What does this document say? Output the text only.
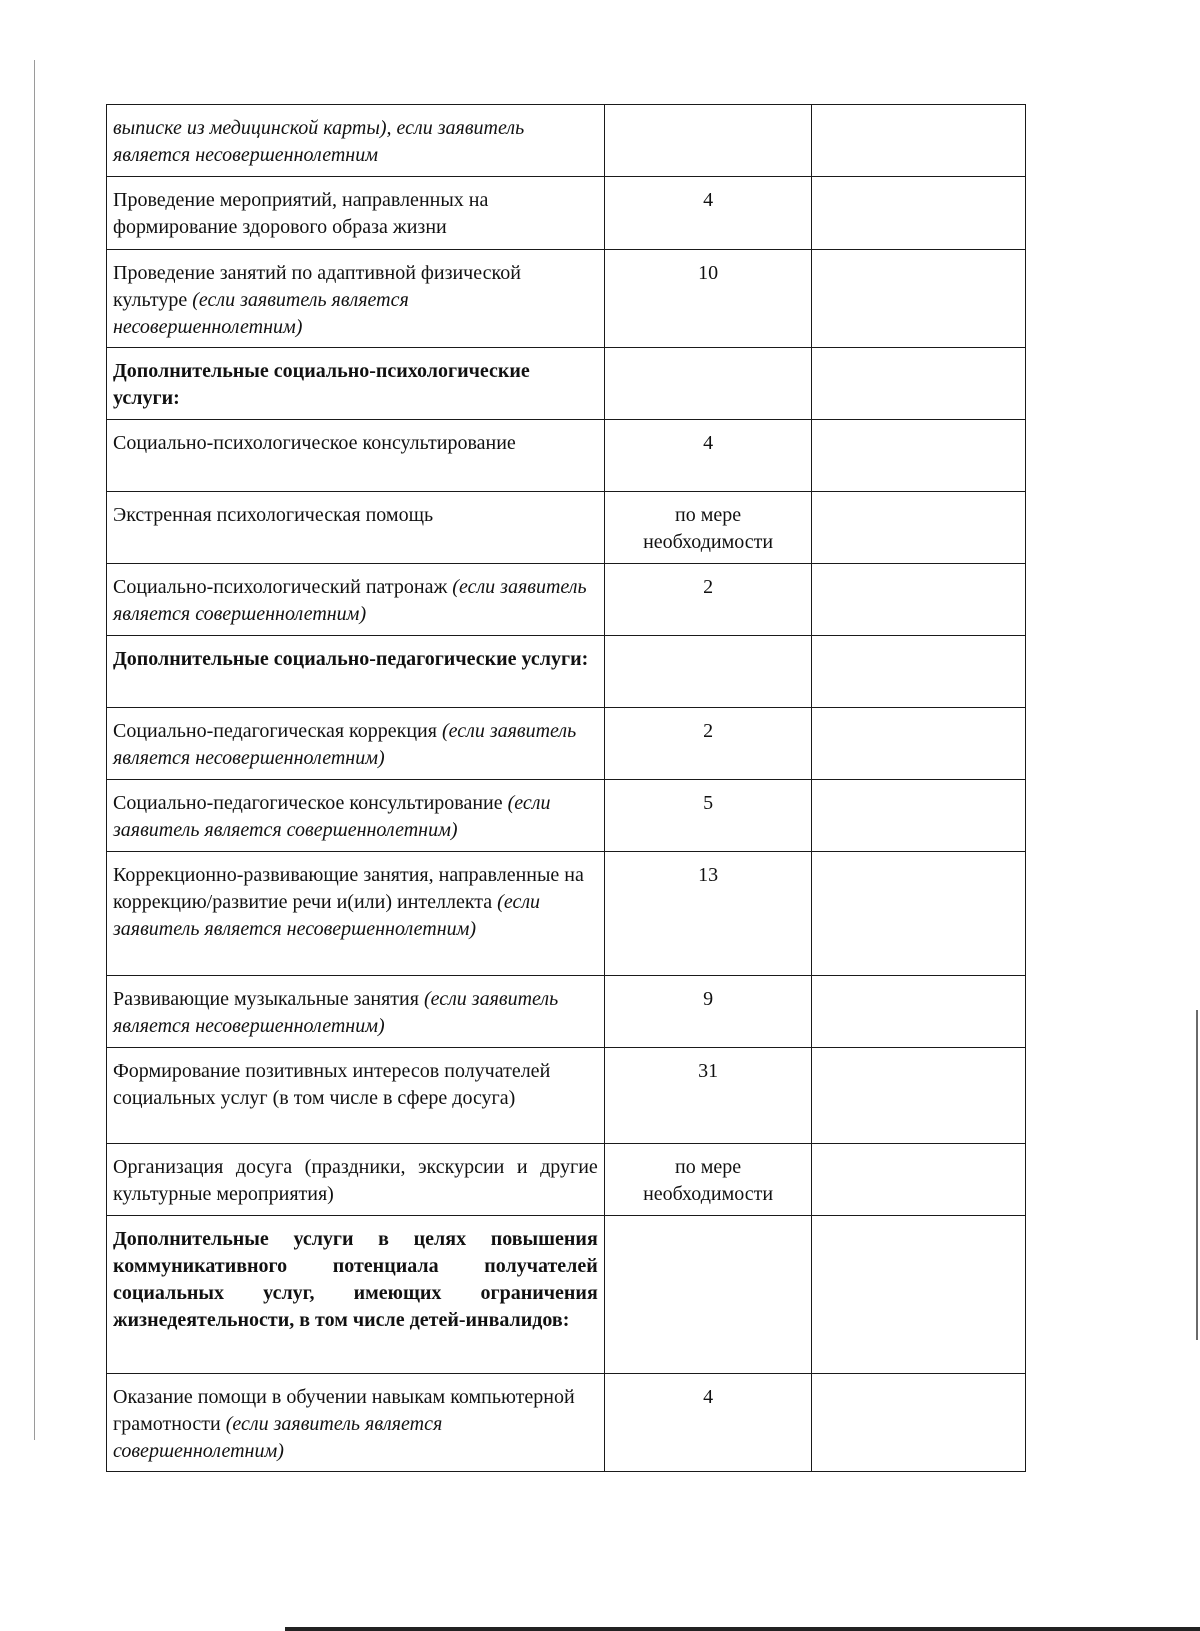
выписке из медицинской карты), если заявитель является несовершеннолетним		
Проведение мероприятий, направленных на формирование здорового образа жизни	4	
Проведение занятий по адаптивной физической культуре (если заявитель является несовершеннолетним)	10	
Дополнительные социально-психологические услуги:		
Социально-психологическое консультирование	4	
Экстренная психологическая помощь	по мере необходимости	
Социально-психологический патронаж (если заявитель является совершеннолетним)	2	
Дополнительные социально-педагогические услуги:		
Социально-педагогическая коррекция (если заявитель является несовершеннолетним)	2	
Социально-педагогическое консультирование (если заявитель является совершеннолетним)	5	
Коррекционно-развивающие занятия, направленные на коррекцию/развитие речи и(или) интеллекта (если заявитель является несовершеннолетним)	13	
Развивающие музыкальные занятия (если заявитель является несовершеннолетним)	9	
Формирование позитивных интересов получателей социальных услуг (в том числе в сфере досуга)	31	
Организация досуга (праздники, экскурсии и другие культурные мероприятия)	по мере необходимости	
Дополнительные услуги в целях повышения коммуникативного потенциала получателей социальных услуг, имеющих ограничения жизнедеятельности, в том числе детей-инвалидов:		
Оказание помощи в обучении навыкам компьютерной грамотности (если заявитель является совершеннолетним)	4	
